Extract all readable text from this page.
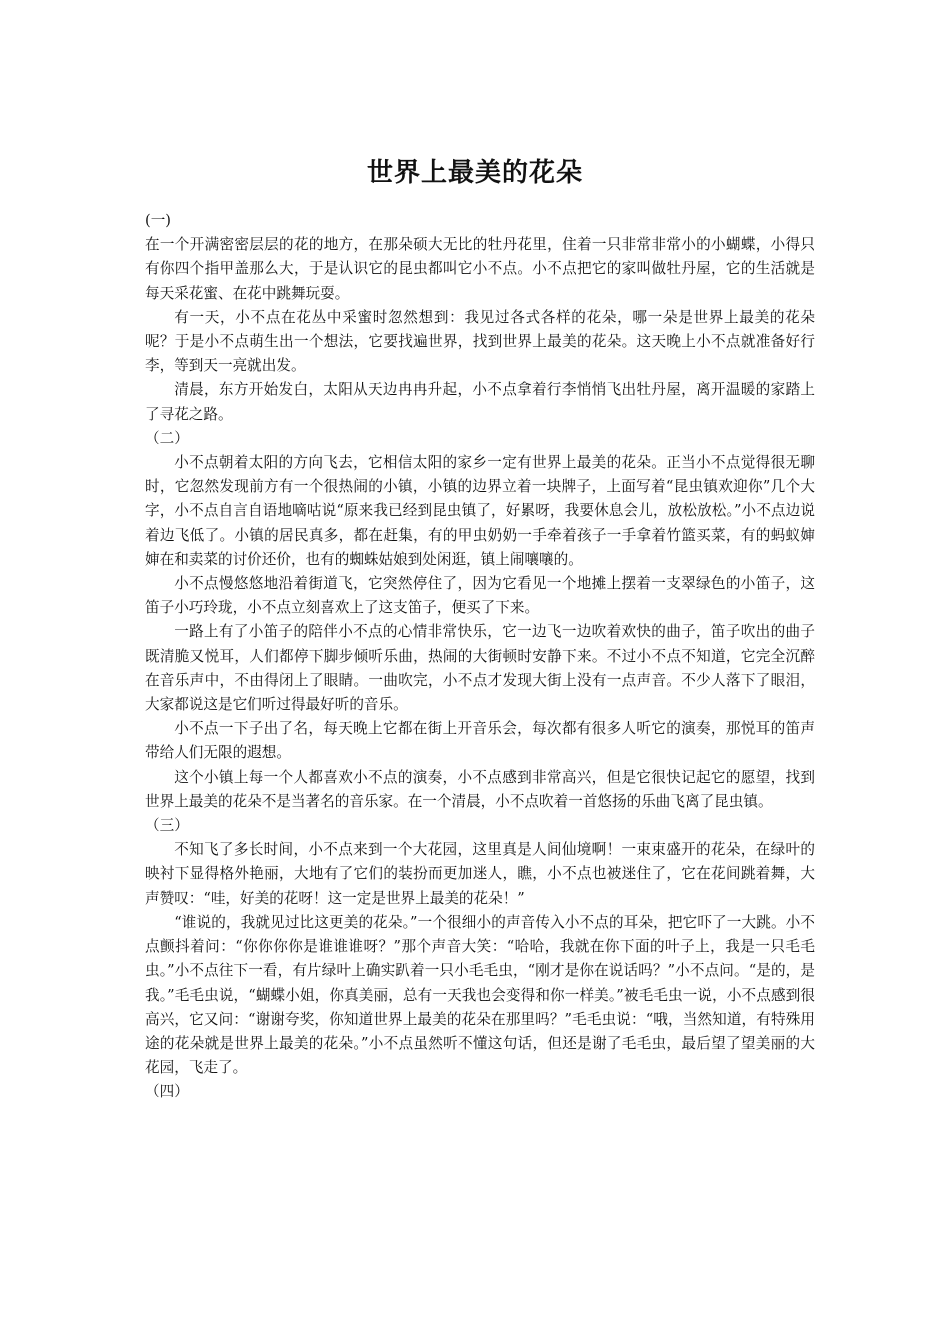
世界上最美的花朵

(一)

在一个开满密密层层的花的地方，在那朵硕大无比的牡丹花里，住着一只非常非常小的小蝴蝶，小得只有你四个指甲盖那么大，于是认识它的昆虫都叫它小不点。小不点把它的家叫做牡丹屋，它的生活就是每天采花蜜、在花中跳舞玩耍。

有一天，小不点在花丛中采蜜时忽然想到：我见过各式各样的花朵，哪一朵是世界上最美的花朵呢？于是小不点萌生出一个想法，它要找遍世界，找到世界上最美的花朵。这天晚上小不点就准备好行李，等到天一亮就出发。

清晨，东方开始发白，太阳从天边冉冉升起，小不点拿着行李悄悄飞出牡丹屋，离开温暖的家踏上了寻花之路。

（二）

小不点朝着太阳的方向飞去，它相信太阳的家乡一定有世界上最美的花朵。正当小不点觉得很无聊时，它忽然发现前方有一个很热闹的小镇，小镇的边界立着一块牌子，上面写着“昆虫镇欢迎你”几个大字，小不点自言自语地嘀咕说“原来我已经到昆虫镇了，好累呀，我要休息会儿，放松放松。”小不点边说着边飞低了。小镇的居民真多，都在赶集，有的甲虫奶奶一手牵着孩子一手拿着竹篮买菜，有的蚂蚁婶婶在和卖菜的讨价还价，也有的蜘蛛姑娘到处闲逛，镇上闹嚷嚷的。

小不点慢悠悠地沿着街道飞，它突然停住了，因为它看见一个地摊上摆着一支翠绿色的小笛子，这笛子小巧玲珑，小不点立刻喜欢上了这支笛子，便买了下来。

一路上有了小笛子的陪伴小不点的心情非常快乐，它一边飞一边吹着欢快的曲子，笛子吹出的曲子既清脆又悦耳，人们都停下脚步倾听乐曲，热闹的大街顿时安静下来。不过小不点不知道，它完全沉醉在音乐声中，不由得闭上了眼睛。一曲吹完，小不点才发现大街上没有一点声音。不少人落下了眼泪，大家都说这是它们听过得最好听的音乐。

小不点一下子出了名，每天晚上它都在街上开音乐会，每次都有很多人听它的演奏，那悦耳的笛声带给人们无限的遐想。

这个小镇上每一个人都喜欢小不点的演奏，小不点感到非常高兴，但是它很快记起它的愿望，找到世界上最美的花朵不是当著名的音乐家。在一个清晨，小不点吹着一首悠扬的乐曲飞离了昆虫镇。

（三）

不知飞了多长时间，小不点来到一个大花园，这里真是人间仙境啊！一束束盛开的花朵，在绿叶的映衬下显得格外艳丽，大地有了它们的装扮而更加迷人，瞧，小不点也被迷住了，它在花间跳着舞，大声赞叹：“哇，好美的花呀！这一定是世界上最美的花朵！”

“谁说的，我就见过比这更美的花朵。”一个很细小的声音传入小不点的耳朵，把它吓了一大跳。小不点颤抖着问：“你你你你是谁谁谁呀？”那个声音大笑：“哈哈，我就在你下面的叶子上，我是一只毛毛虫。”小不点往下一看，有片绿叶上确实趴着一只小毛毛虫，“刚才是你在说话吗？”小不点问。“是的，是我。”毛毛虫说，“蝴蝶小姐，你真美丽，总有一天我也会变得和你一样美。”被毛毛虫一说，小不点感到很高兴，它又问：“谢谢夸奖，你知道世界上最美的花朵在那里吗？”毛毛虫说：“哦，当然知道，有特殊用途的花朵就是世界上最美的花朵。”小不点虽然听不懂这句话，但还是谢了毛毛虫，最后望了望美丽的大花园，飞走了。

（四）
